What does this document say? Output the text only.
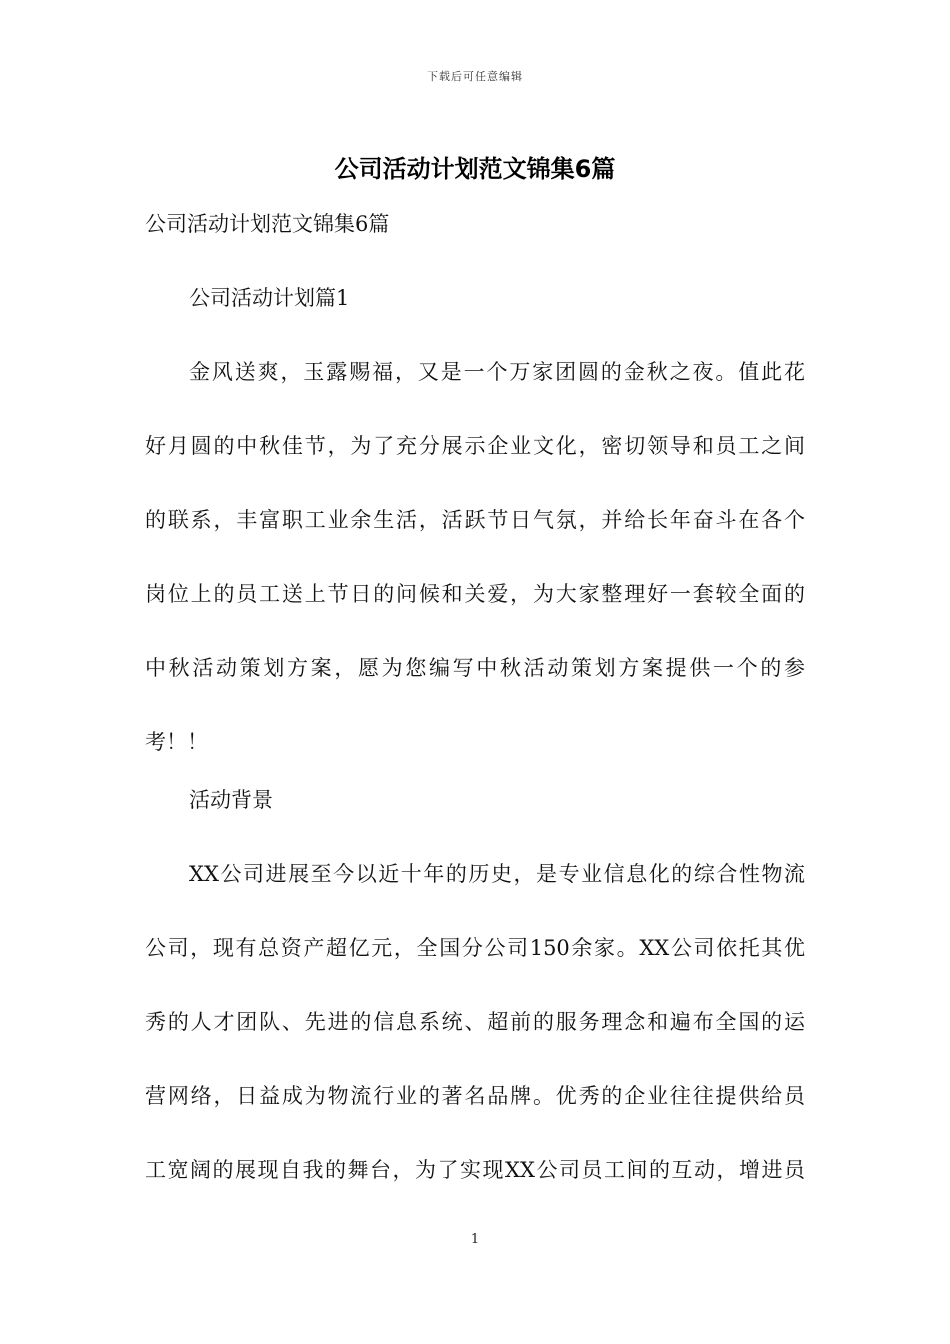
下载后可任意编辑
公司活动计划范文锦集6篇

公司活动计划范文锦集6篇

公司活动计划篇1

金风送爽，玉露赐福，又是一个万家团圆的金秋之夜。值此花
好月圆的中秋佳节，为了充分展示企业文化，密切领导和员工之间
的联系，丰富职工业余生活，活跃节日气氛，并给长年奋斗在各个
岗位上的员工送上节日的问候和关爱，为大家整理好一套较全面的
中秋活动策划方案，愿为您编写中秋活动策划方案提供一个的参
考！！

活动背景

XX公司进展至今以近十年的历史，是专业信息化的综合性物流
公司，现有总资产超亿元，全国分公司150余家。XX公司依托其优
秀的人才团队、先进的信息系统、超前的服务理念和遍布全国的运
营网络，日益成为物流行业的著名品牌。优秀的企业往往提供给员
工宽阔的展现自我的舞台，为了实现XX公司员工间的互动，增进员
1
